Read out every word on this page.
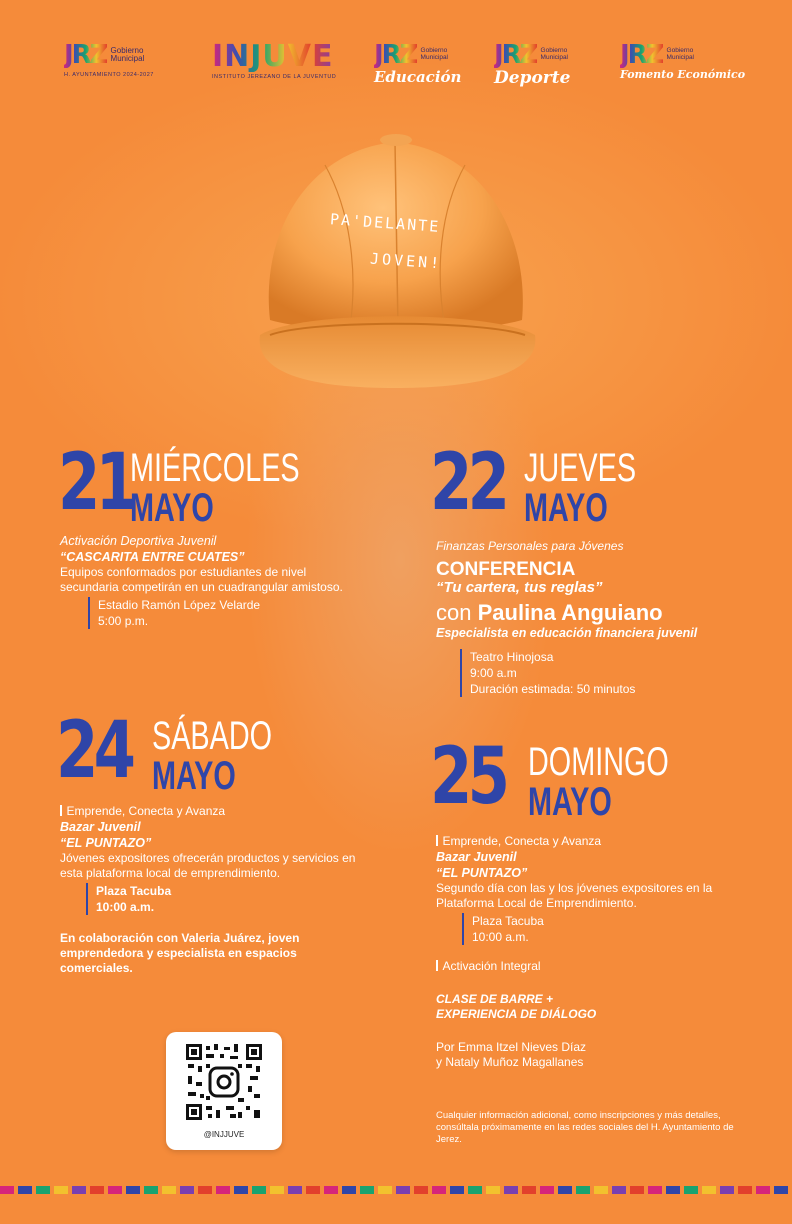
JRZ Gobierno
Municipal
H. AYUNTAMIENTO 2024-2027
INJUVE
INSTITUTO JEREZANO DE LA JUVENTUD
JRZ Gobierno
Municipal
Educación
JRZ Gobierno
Municipal
Deporte
JRZ Gobierno
Municipal
Fomento Económico
PA'DELANTE
JOVEN!
21
MIÉRCOLES
MAYO
Activación Deportiva Juvenil
“CASCARITA ENTRE CUATES”
Equipos conformados por estudiantes de nivel secundaria competirán en un cuadrangular amistoso.
Estadio Ramón López Velarde
5:00 p.m.
22 JUEVES
MAYO
Finanzas Personales para Jóvenes
CONFERENCIA
“Tu cartera, tus reglas”
con Paulina Anguiano
Especialista en educación financiera juvenil
Teatro Hinojosa
9:00 a.m
Duración estimada: 50 minutos
24 SÁBADO
MAYO
Emprende, Conecta y Avanza
Bazar Juvenil
“EL PUNTAZO”
Jóvenes expositores ofrecerán productos y servicios en esta plataforma local de emprendimiento.
Plaza Tacuba
10:00 a.m.
En colaboración con Valeria Juárez, joven emprendedora y especialista en espacios comerciales.
25 DOMINGO
MAYO
Emprende, Conecta y Avanza
Bazar Juvenil
“EL PUNTAZO”
Segundo día con las y los jóvenes expositores en la Plataforma Local de Emprendimiento.
Plaza Tacuba
10:00 a.m.
Activación Integral
CLASE DE BARRE +
EXPERIENCIA DE DIÁLOGO
Por Emma Itzel Nieves Díaz
y Nataly Muñoz Magallanes
@INJJUVE
Cualquier información adicional, como inscripciones y más detalles, consúltala próximamente en las redes sociales del H. Ayuntamiento de Jerez.
